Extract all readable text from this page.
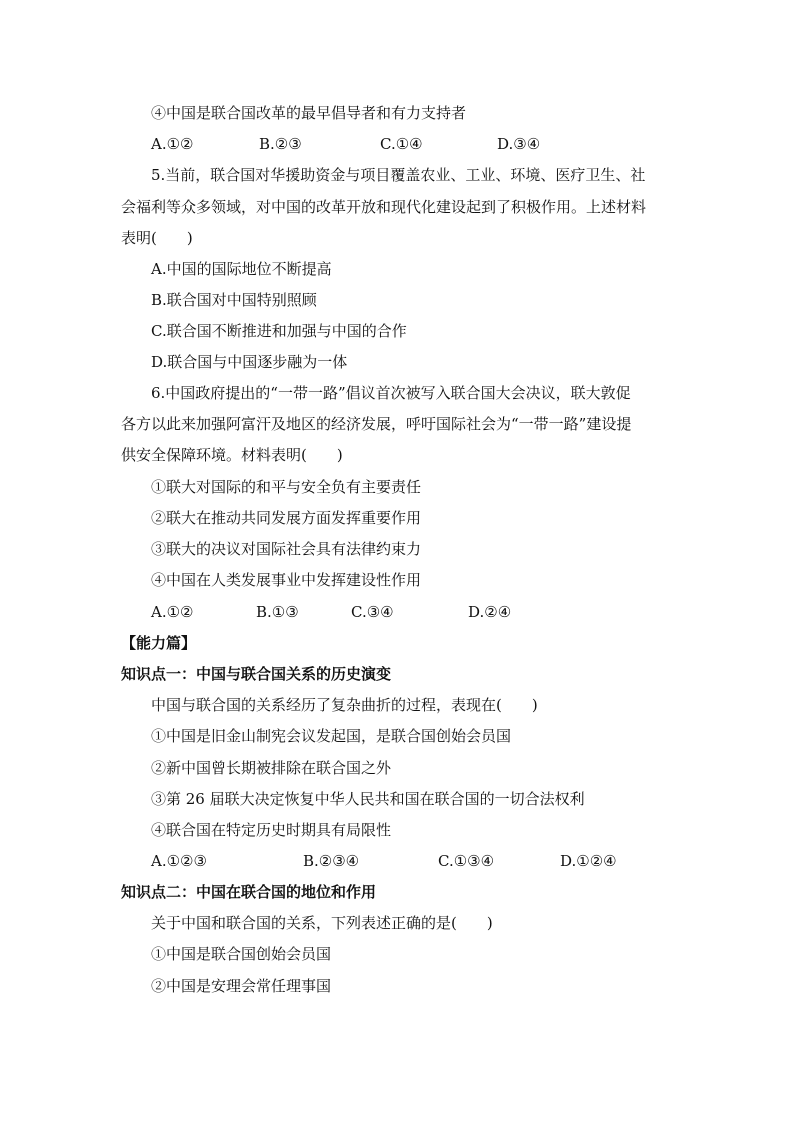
④中国是联合国改革的最早倡导者和有力支持者
A.①②	B.②③	C.①④	D.③④
5.当前，联合国对华援助资金与项目覆盖农业、工业、环境、医疗卫生、社
会福利等众多领域，对中国的改革开放和现代化建设起到了积极作用。上述材料
表明(　　)
A.中国的国际地位不断提高
B.联合国对中国特别照顾
C.联合国不断推进和加强与中国的合作
D.联合国与中国逐步融为一体
6.中国政府提出的“一带一路”倡议首次被写入联合国大会决议，联大敦促
各方以此来加强阿富汗及地区的经济发展，呼吁国际社会为“一带一路”建设提
供安全保障环境。材料表明(　　)
①联大对国际的和平与安全负有主要责任
②联大在推动共同发展方面发挥重要作用
③联大的决议对国际社会具有法律约束力
④中国在人类发展事业中发挥建设性作用
A.①②	B.①③	C.③④	D.②④
【能力篇】
知识点一：中国与联合国关系的历史演变
中国与联合国的关系经历了复杂曲折的过程，表现在(　　)
①中国是旧金山制宪会议发起国，是联合国创始会员国
②新中国曾长期被排除在联合国之外
③第 26 届联大决定恢复中华人民共和国在联合国的一切合法权利
④联合国在特定历史时期具有局限性
A.①②③	B.②③④	C.①③④	D.①②④
知识点二：中国在联合国的地位和作用
关于中国和联合国的关系，下列表述正确的是(　　)
①中国是联合国创始会员国
②中国是安理会常任理事国
